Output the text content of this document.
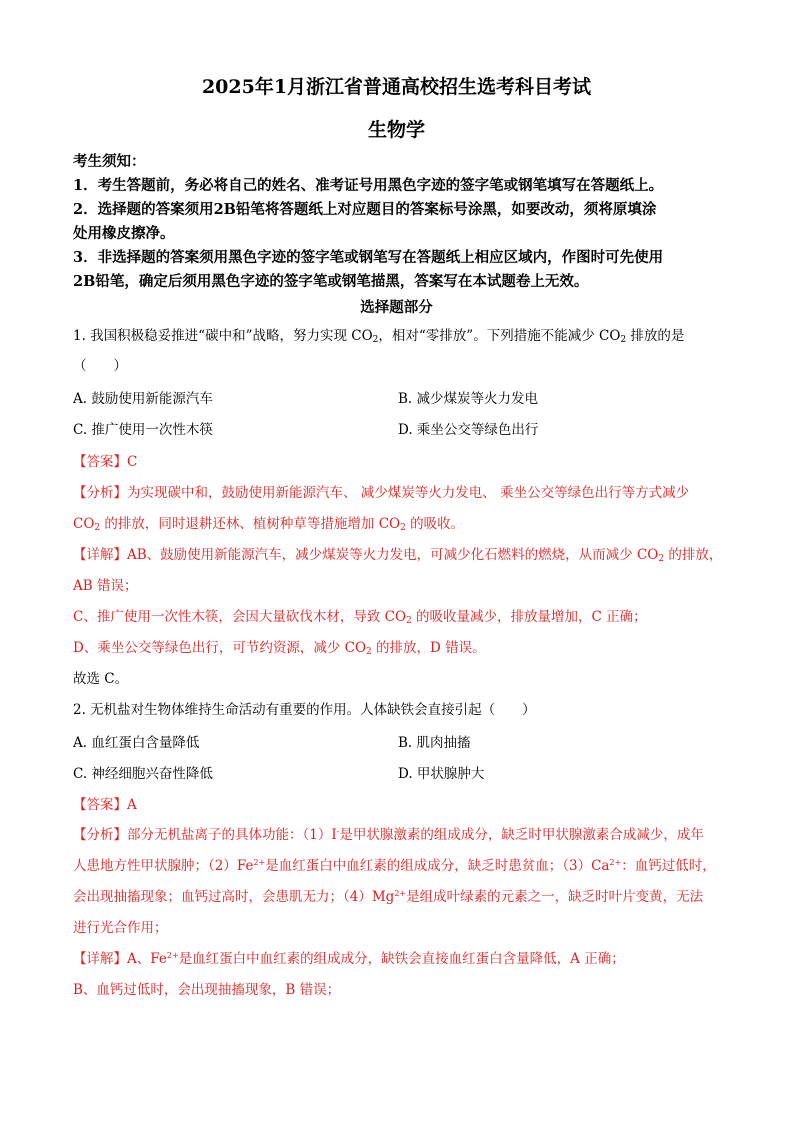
2025年1月浙江省普通高校招生选考科目考试
生物学
考生须知：
1．考生答题前，务必将自己的姓名、准考证号用黑色字迹的签字笔或钢笔填写在答题纸上。
2．选择题的答案须用2B铅笔将答题纸上对应题目的答案标号涂黑，如要改动，须将原填涂
处用橡皮擦净。
3．非选择题的答案须用黑色字迹的签字笔或钢笔写在答题纸上相应区域内，作图时可先使用
2B铅笔，确定后须用黑色字迹的签字笔或钢笔描黑，答案写在本试题卷上无效。
选择题部分
1. 我国积极稳妥推进“碳中和”战略，努力实现 $CO_2$，相对“零排放”。下列措施不能减少 $CO_2$ 排放的是
（　　）
A. 鼓励使用新能源汽车	B. 减少煤炭等火力发电
C. 推广使用一次性木筷	D. 乘坐公交等绿色出行
【答案】C
【分析】为实现碳中和，鼓励使用新能源汽车、 减少煤炭等火力发电、 乘坐公交等绿色出行等方式减少
$CO_2$ 的排放，同时退耕还林、植树种草等措施增加 $CO_2$ 的吸收。
【详解】AB、鼓励使用新能源汽车，减少煤炭等火力发电，可减少化石燃料的燃烧，从而减少 $CO_2$ 的排放，
AB 错误；
C、推广使用一次性木筷，会因大量砍伐木材，导致 $CO_2$ 的吸收量减少，排放量增加，C 正确；
D、乘坐公交等绿色出行，可节约资源，减少 $CO_2$ 的排放，D 错误。
故选 C。
2. 无机盐对生物体维持生命活动有重要的作用。人体缺铁会直接引起（　　）
A. 血红蛋白含量降低	B. 肌肉抽搐
C. 神经细胞兴奋性降低	D. 甲状腺肿大
【答案】A
【分析】部分无机盐离子的具体功能：（1）I-是甲状腺激素的组成成分，缺乏时甲状腺激素合成减少，成年
人患地方性甲状腺肿；$(2)Fe^{2+}$是血红蛋白中血红素的组成成分，缺乏时患贫血；$(3)Ca^{2+}$：血钙过低时，
会出现抽搐现象；血钙过高时，会患肌无力；$(4)Mg^{2+}$是组成叶绿素的元素之一，缺乏时叶片变黄，无法
进行光合作用；
【详解】A、$Fe^{2+}$是血红蛋白中血红素的组成成分，缺铁会直接血红蛋白含量降低，A 正确；
B、血钙过低时，会出现抽搐现象，B 错误；
